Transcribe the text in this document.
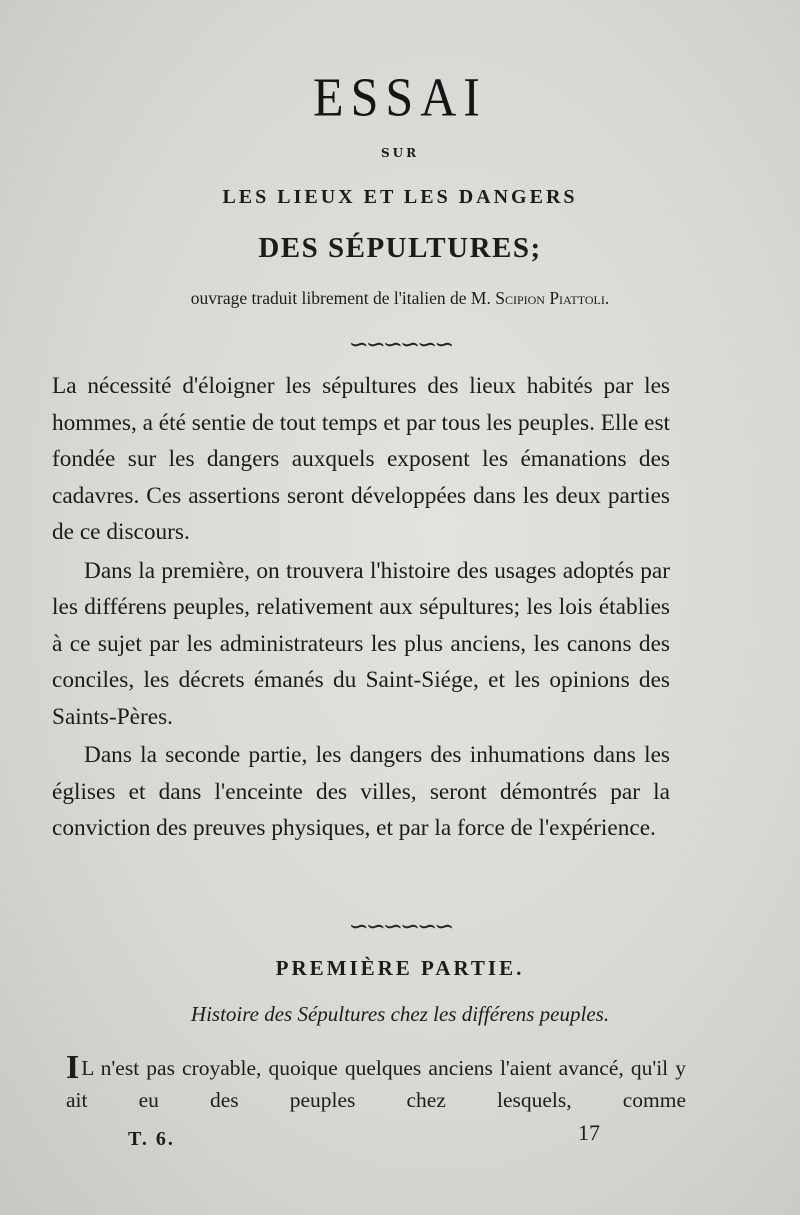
ESSAI
SUR
LES LIEUX ET LES DANGERS
DES SÉPULTURES;
ouvrage traduit librement de l'italien de M. Scipion Piattoli.
∽∽∽∽∽∽

La nécessité d'éloigner les sépultures des lieux habités par les hommes, a été sentie de tout temps et par tous les peuples. Elle est fondée sur les dangers auxquels exposent les émanations des cadavres. Ces assertions seront développées dans les deux parties de ce discours.

Dans la première, on trouvera l'histoire des usages adoptés par les différens peuples, relativement aux sépultures; les lois établies à ce sujet par les administrateurs les plus anciens, les canons des conciles, les décrets émanés du Saint-Siége, et les opinions des Saints-Pères.

Dans la seconde partie, les dangers des inhumations dans les églises et dans l'enceinte des villes, seront démontrés par la conviction des preuves physiques, et par la force de l'expérience.

∽∽∽∽∽∽
PREMIÈRE PARTIE.
Histoire des Sépultures chez les différens peuples.
IL n'est pas croyable, quoique quelques anciens l'aient avancé, qu'il y ait eu des peuples chez lesquels, comme
T. 6.	17
